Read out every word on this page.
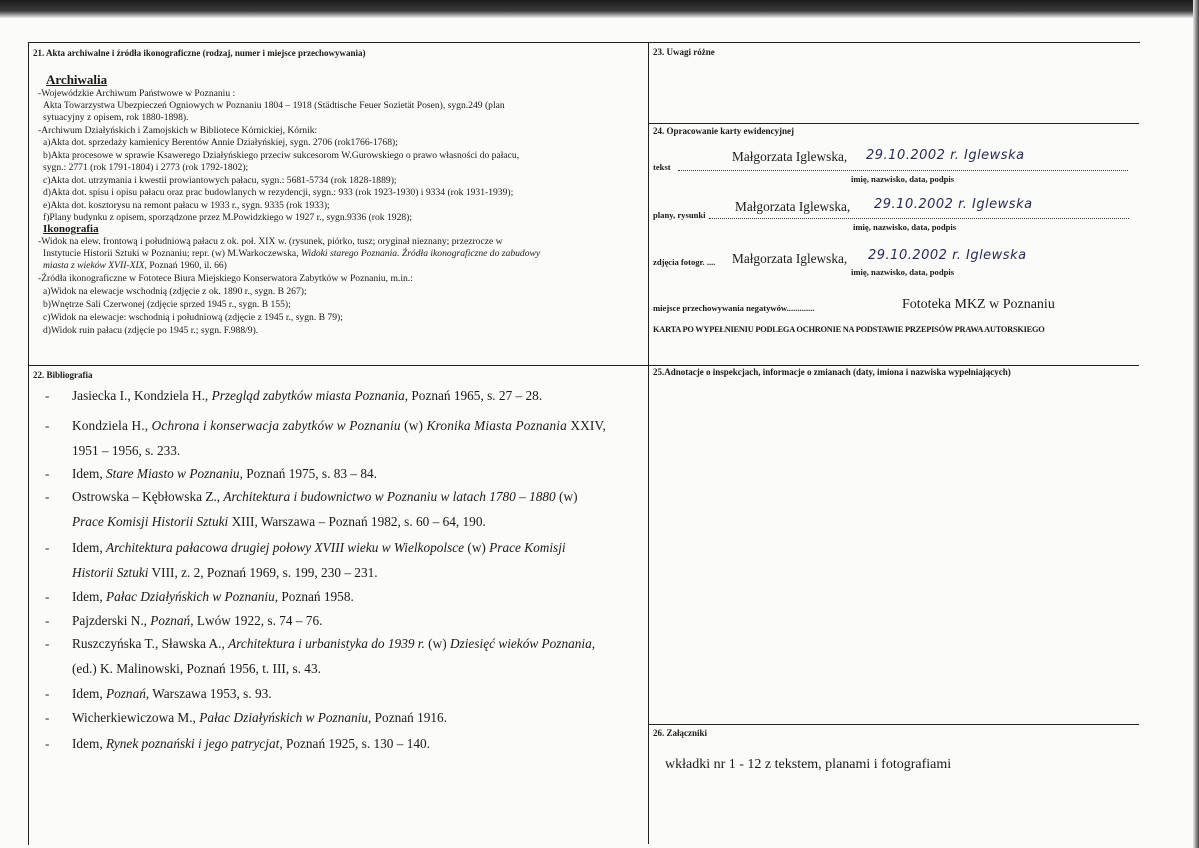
21. Akta archiwalne i źródła ikonograficzne (rodzaj, numer i miejsce przechowywania)
Archiwalia
-Wojewódzkie Archiwum Państwowe w Poznaniu :
Akta Towarzystwa Ubezpieczeń Ogniowych w Poznaniu 1804 – 1918 (Städtische Feuer Sozietät Posen), sygn.249 (plan
sytuacyjny z opisem, rok 1880-1898).
-Archiwum Działyńskich i Zamojskich w Bibliotece Kórnickiej, Kórnik:
a)Akta dot. sprzedaży kamienicy Berentów Annie Działyńskiej, sygn. 2706 (rok1766-1768);
b)Akta procesowe w sprawie Ksawerego Działyńskiego przeciw sukcesorom W.Gurowskiego o prawo własności do pałacu,
sygn.: 2771 (rok 1791-1804) i 2773 (rok 1792-1802);
c)Akta dot. utrzymania i kwestii prowiantowych pałacu, sygn.: 5681-5734 (rok 1828-1889);
d)Akta dot. spisu i opisu pałacu oraz prac budowlanych w rezydencji, sygn.: 933 (rok 1923-1930) i 9334 (rok 1931-1939);
e)Akta dot. kosztorysu na remont pałacu w 1933 r., sygn. 9335 (rok 1933);
f)Plany budynku z opisem, sporządzone przez M.Powidzkiego w 1927 r., sygn.9336 (rok 1928);
Ikonografia
-Widok na elew. frontową i południową pałacu z ok. poł. XIX w. (rysunek, piórko, tusz; oryginał nieznany; przezrocze w
Instytucie Historii Sztuki w Poznaniu; repr. (w) M.Warkoczewska, Widoki starego Poznania. Źródła ikonograficzne do zabudowy
miasta z wieków XVII-XIX, Poznań 1960, il. 66)
-Źródła ikonograficzne w Fototece Biura Miejskiego Konserwatora Zabytków w Poznaniu, m.in.:
a)Widok na elewacje wschodnią (zdjęcie z ok. 1890 r., sygn. B 267);
b)Wnętrze Sali Czerwonej (zdjęcie sprzed 1945 r., sygn. B 155);
c)Widok na elewacje: wschodnią i południową (zdjęcie z 1945 r., sygn. B 79);
d)Widok ruin pałacu (zdjęcie po 1945 r.; sygn. F.988/9).
22. Bibliografia
- Jasiecka I., Kondziela H., Przegląd zabytków miasta Poznania, Poznań 1965, s. 27 – 28.
- Kondziela H., Ochrona i konserwacja zabytków w Poznaniu (w) Kronika Miasta Poznania XXIV,
1951 – 1956, s. 233.
- Idem, Stare Miasto w Poznaniu, Poznań 1975, s. 83 – 84.
- Ostrowska – Kębłowska Z., Architektura i budownictwo w Poznaniu w latach 1780 – 1880 (w)
Prace Komisji Historii Sztuki XIII, Warszawa – Poznań 1982, s. 60 – 64, 190.
- Idem, Architektura pałacowa drugiej połowy XVIII wieku w Wielkopolsce (w) Prace Komisji
Historii Sztuki VIII, z. 2, Poznań 1969, s. 199, 230 – 231.
- Idem, Pałac Działyńskich w Poznaniu, Poznań 1958.
- Pajzderski N., Poznań, Lwów 1922, s. 74 – 76.
- Ruszczyńska T., Sławska A., Architektura i urbanistyka do 1939 r. (w) Dziesięć wieków Poznania,
(ed.) K. Malinowski, Poznań 1956, t. III, s. 43.
- Idem, Poznań, Warszawa 1953, s. 93.
- Wicherkiewiczowa M., Pałac Działyńskich w Poznaniu, Poznań 1916.
- Idem, Rynek poznański i jego patrycjat, Poznań 1925, s. 130 – 140.
23. Uwagi różne
24. Opracowanie karty ewidencyjnej
tekst
Małgorzata Iglewska, 29.10.2002 r. Iglewska
imię, nazwisko, data, podpis
plany, rysunki
Małgorzata Iglewska, 29.10.2002 r. Iglewska
imię, nazwisko, data, podpis
zdjęcia fotogr. .... Małgorzata Iglewska, 29.10.2002 r. Iglewska
imię, nazwisko, data, podpis
miejsce przechowywania negatywów.............	Fototeka MKZ w Poznaniu
KARTA PO WYPEŁNIENIU PODLEGA OCHRONIE NA PODSTAWIE PRZEPISÓW PRAWA AUTORSKIEGO
25.Adnotacje o inspekcjach, informacje o zmianach (daty, imiona i nazwiska wypełniających)
26. Załączniki
wkładki nr 1 - 12 z tekstem, planami i fotografiami
